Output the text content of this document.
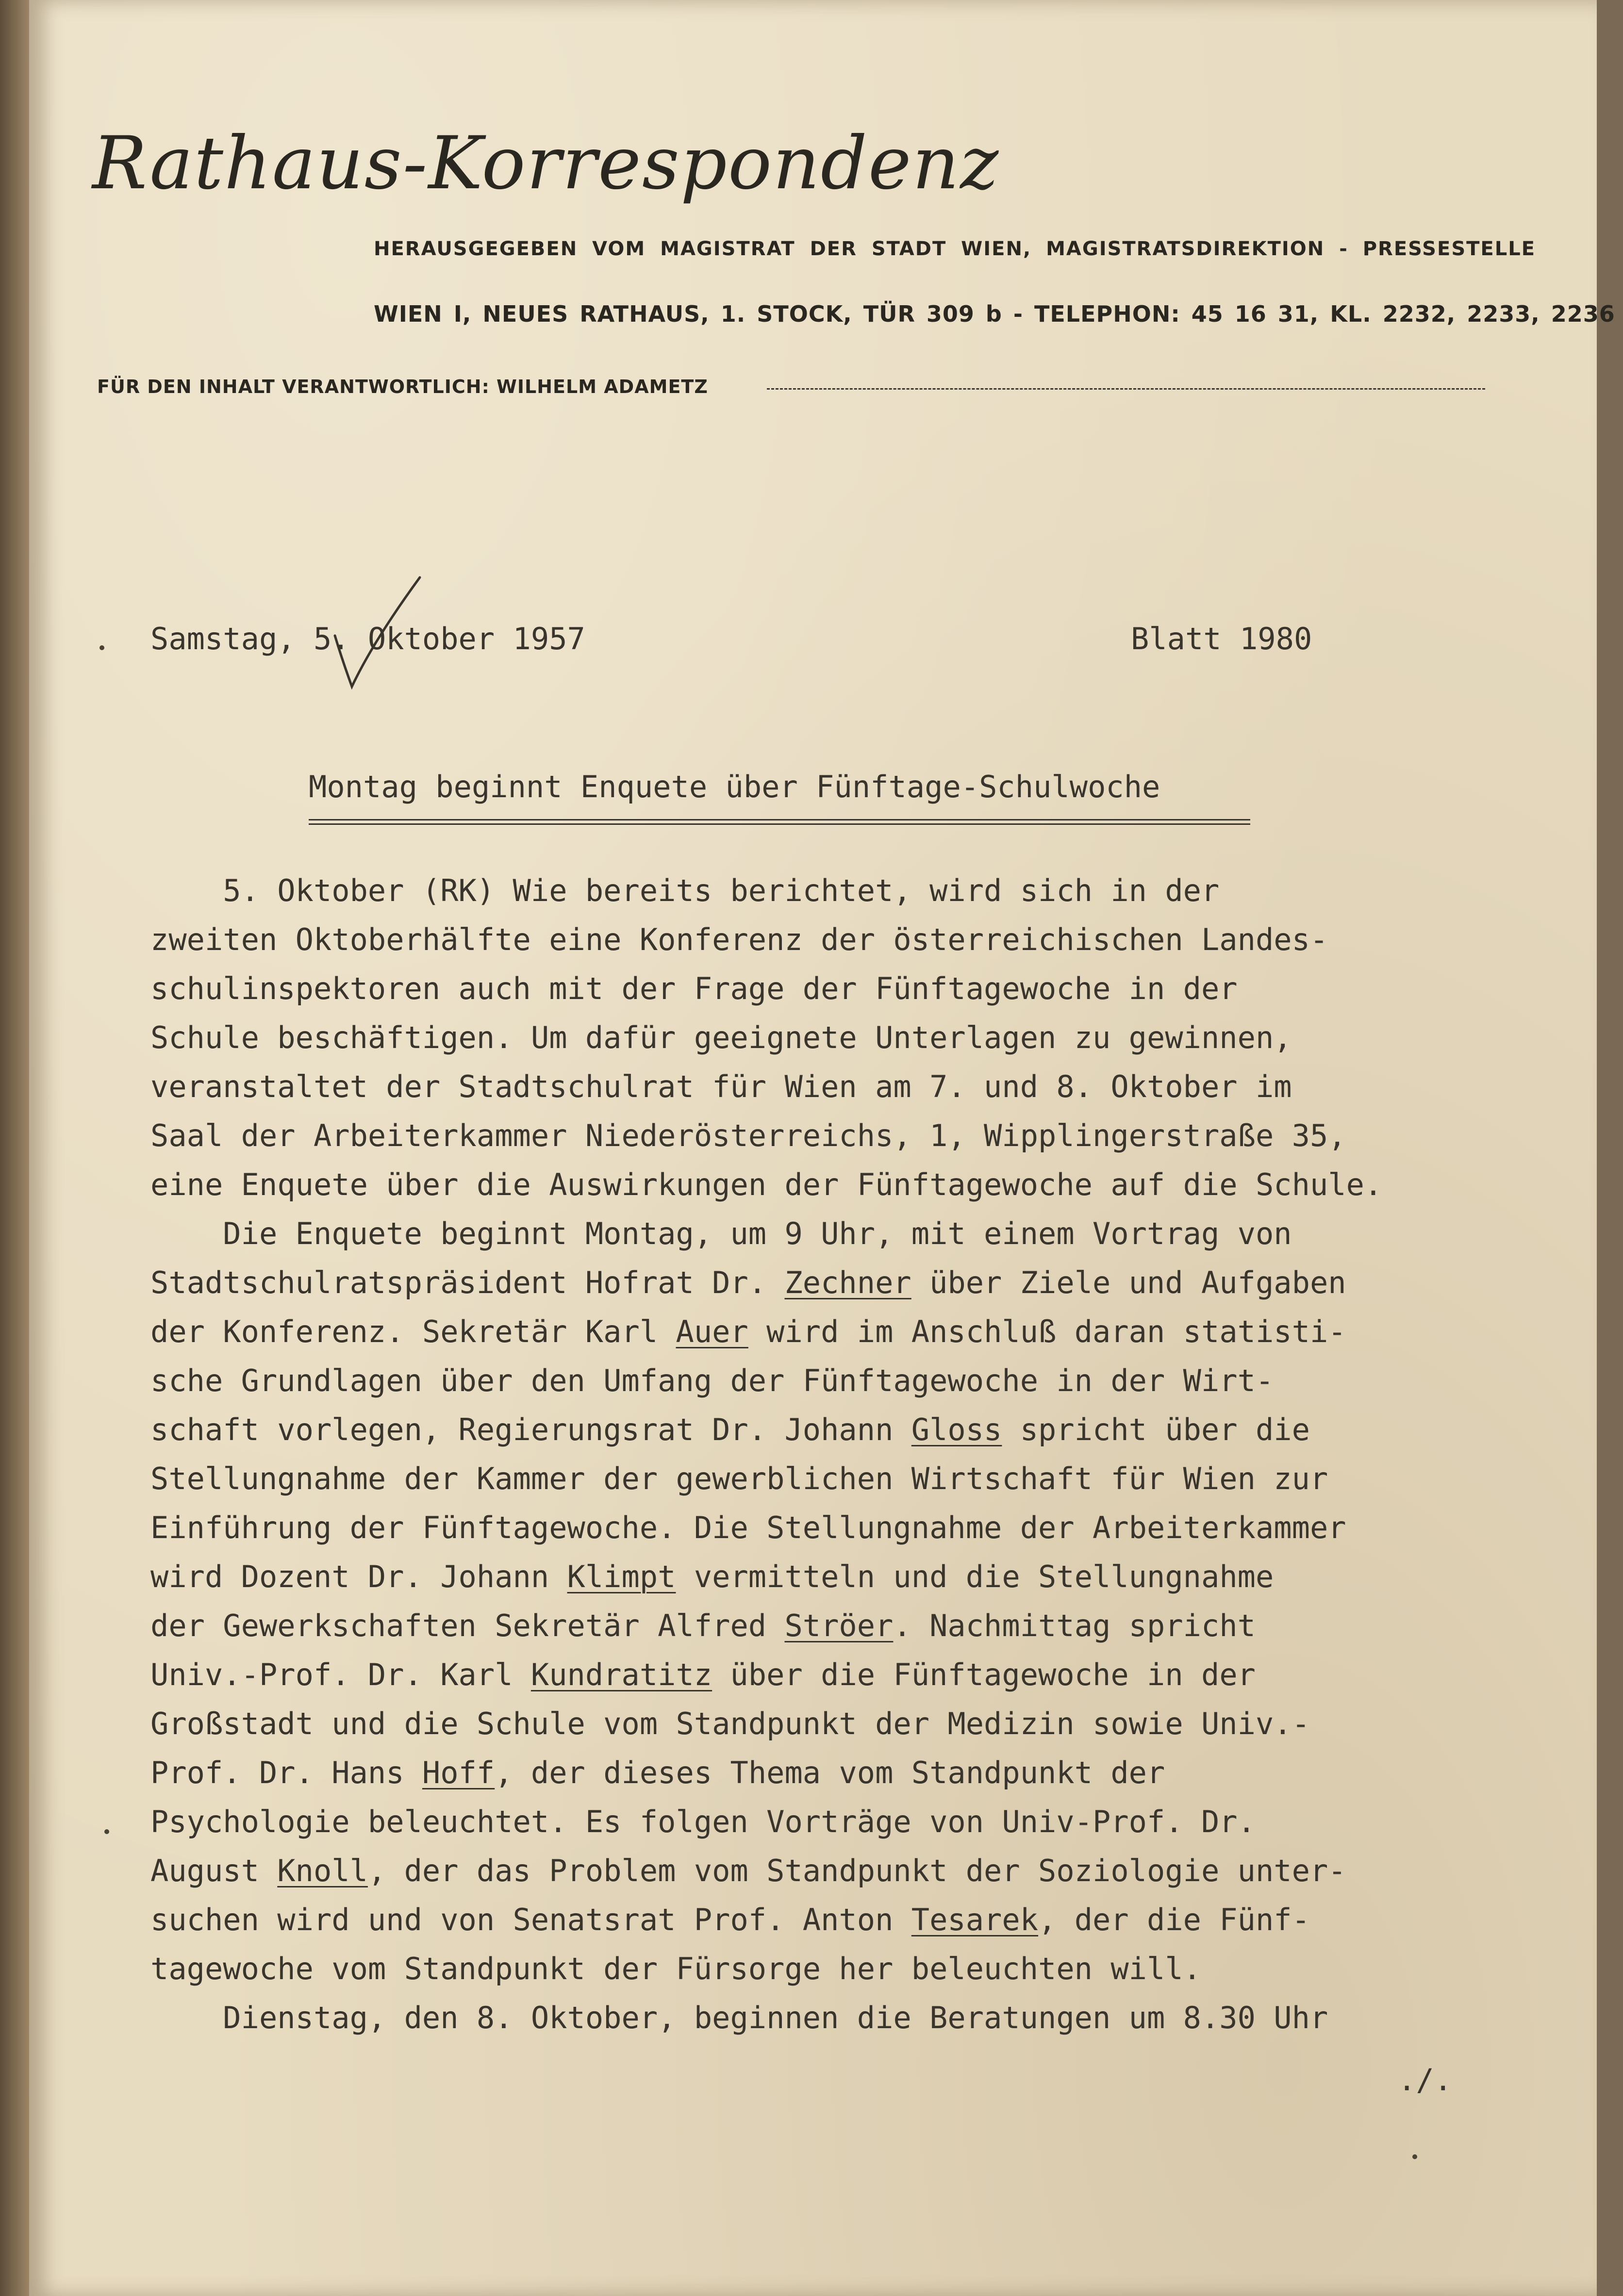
Rathaus-Korrespondenz
HERAUSGEGEBEN VOM MAGISTRAT DER STADT WIEN, MAGISTRATSDIREKTION - PRESSESTELLE
WIEN I, NEUES RATHAUS, 1. STOCK, TÜR 309 b - TELEPHON: 45 16 31, KL. 2232, 2233, 2236
FÜR DEN INHALT VERANTWORTLICH: WILHELM ADAMETZ
Samstag, 5. Oktober 1957	Blatt 1980
Montag beginnt Enquete über Fünftage-Schulwoche
5. Oktober (RK) Wie bereits berichtet, wird sich in der
zweiten Oktoberhälfte eine Konferenz der österreichischen Landes-
schulinspektoren auch mit der Frage der Fünftagewoche in der
Schule beschäftigen. Um dafür geeignete Unterlagen zu gewinnen,
veranstaltet der Stadtschulrat für Wien am 7. und 8. Oktober im
Saal der Arbeiterkammer Niederösterreichs, 1, Wipplingerstraße 35,
eine Enquete über die Auswirkungen der Fünftagewoche auf die Schule.
Die Enquete beginnt Montag, um 9 Uhr, mit einem Vortrag von
Stadtschulratspräsident Hofrat Dr. Zechner über Ziele und Aufgaben
der Konferenz. Sekretär Karl Auer wird im Anschluß daran statisti-
sche Grundlagen über den Umfang der Fünftagewoche in der Wirt-
schaft vorlegen, Regierungsrat Dr. Johann Gloss spricht über die
Stellungnahme der Kammer der gewerblichen Wirtschaft für Wien zur
Einführung der Fünftagewoche. Die Stellungnahme der Arbeiterkammer
wird Dozent Dr. Johann Klimpt vermitteln und die Stellungnahme
der Gewerkschaften Sekretär Alfred Ströer. Nachmittag spricht
Univ.-Prof. Dr. Karl Kundratitz über die Fünftagewoche in der
Großstadt und die Schule vom Standpunkt der Medizin sowie Univ.-
Prof. Dr. Hans Hoff, der dieses Thema vom Standpunkt der
Psychologie beleuchtet. Es folgen Vorträge von Univ-Prof. Dr.
August Knoll, der das Problem vom Standpunkt der Soziologie unter-
suchen wird und von Senatsrat Prof. Anton Tesarek, der die Fünf-
tagewoche vom Standpunkt der Fürsorge her beleuchten will.
Dienstag, den 8. Oktober, beginnen die Beratungen um 8.30 Uhr
./.
